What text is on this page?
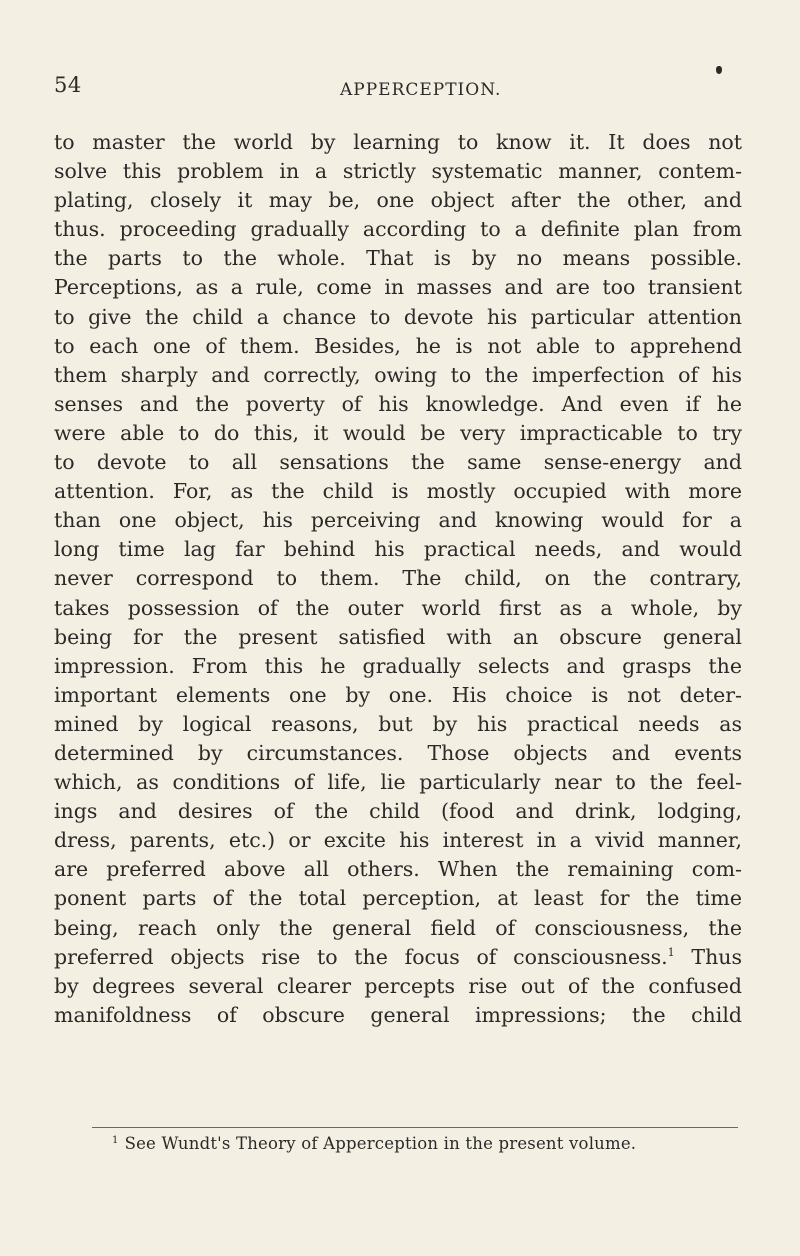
54	APPERCEPTION.
to master the world by learning to know it. It does not
solve this problem in a strictly systematic manner, contem-
plating, closely it may be, one object after the other, and
thus. proceeding gradually according to a definite plan from
the parts to the whole. That is by no means possible.
Perceptions, as a rule, come in masses and are too transient
to give the child a chance to devote his particular attention
to each one of them. Besides, he is not able to apprehend
them sharply and correctly, owing to the imperfection of his
senses and the poverty of his knowledge. And even if he
were able to do this, it would be very impracticable to try
to devote to all sensations the same sense-energy and
attention. For, as the child is mostly occupied with more
than one object, his perceiving and knowing would for a
long time lag far behind his practical needs, and would
never correspond to them. The child, on the contrary,
takes possession of the outer world first as a whole, by
being for the present satisfied with an obscure general
impression. From this he gradually selects and grasps the
important elements one by one. His choice is not deter-
mined by logical reasons, but by his practical needs as
determined by circumstances. Those objects and events
which, as conditions of life, lie particularly near to the feel-
ings and desires of the child (food and drink, lodging,
dress, parents, etc.) or excite his interest in a vivid manner,
are preferred above all others. When the remaining com-
ponent parts of the total perception, at least for the time
being, reach only the general field of consciousness, the
preferred objects rise to the focus of consciousness.$^1$ Thus
by degrees several clearer percepts rise out of the confused
manifoldness of obscure general impressions; the child
$^1$ See Wundt's Theory of Apperception in the present volume.
